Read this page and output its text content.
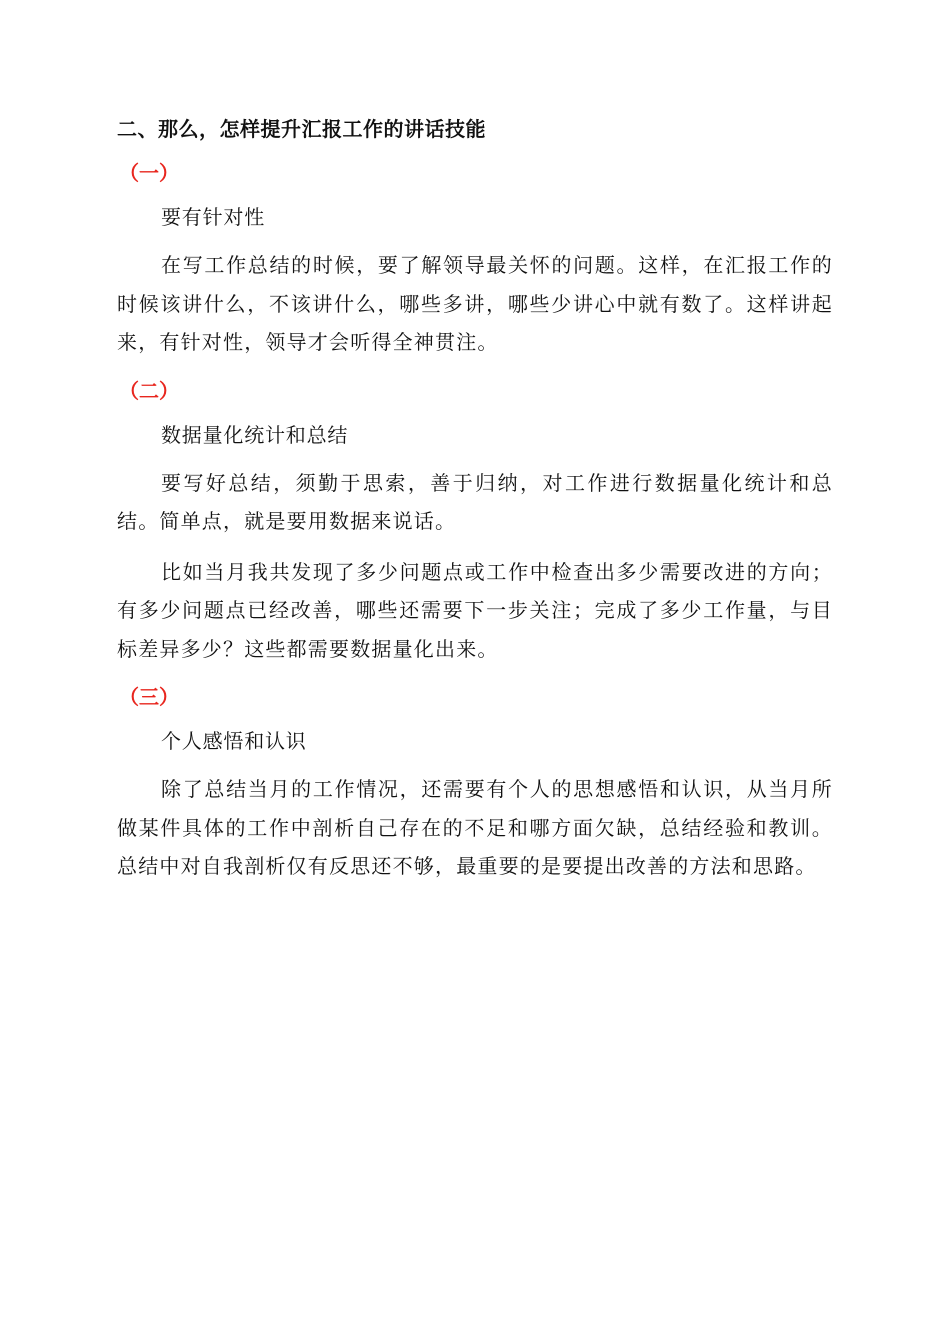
二、那么，怎样提升汇报工作的讲话技能
（一）
要有针对性

在写工作总结的时候，要了解领导最关怀的问题。这样，在汇报工作的时候该讲什么，不该讲什么，哪些多讲，哪些少讲心中就有数了。这样讲起来，有针对性，领导才会听得全神贯注。

（二）
数据量化统计和总结

要写好总结，须勤于思索，善于归纳，对工作进行数据量化统计和总结。简单点，就是要用数据来说话。

比如当月我共发现了多少问题点或工作中检查出多少需要改进的方向；有多少问题点已经改善，哪些还需要下一步关注；完成了多少工作量，与目标差异多少？这些都需要数据量化出来。

（三）
个人感悟和认识

除了总结当月的工作情况，还需要有个人的思想感悟和认识，从当月所做某件具体的工作中剖析自己存在的不足和哪方面欠缺，总结经验和教训。总结中对自我剖析仅有反思还不够，最重要的是要提出改善的方法和思路。
